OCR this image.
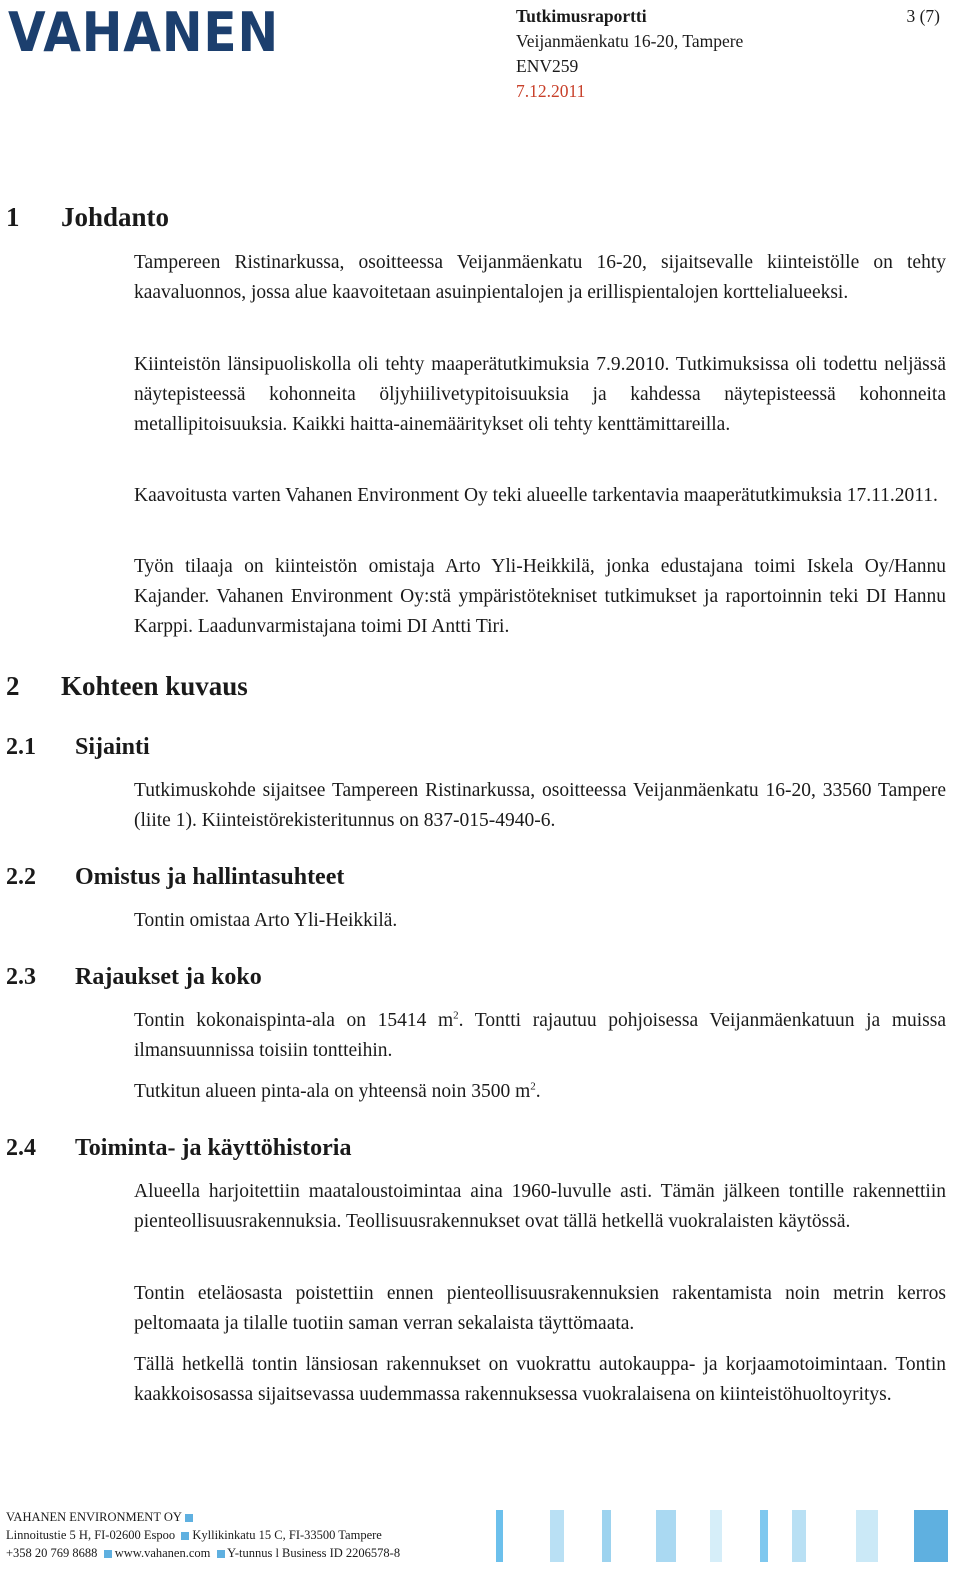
VAHANEN	Tutkimusraportti
Veijanmäenkatu 16-20, Tampere
ENV259
7.12.2011
3 (7)
1 Johdanto

Tampereen Ristinarkussa, osoitteessa Veijanmäenkatu 16-20, sijaitsevalle kiinteistölle on tehty kaavaluonnos, jossa alue kaavoitetaan asuinpientalojen ja erillispientalojen korttelialueeksi.

Kiinteistön länsipuoliskolla oli tehty maaperätutkimuksia 7.9.2010. Tutkimuksissa oli todettu neljässä näytepisteessä kohonneita öljyhiilivetypitoisuuksia ja kahdessa näytepisteessä kohonneita metallipitoisuuksia. Kaikki haitta-ainemääritykset oli tehty kenttämittareilla.

Kaavoitusta varten Vahanen Environment Oy teki alueelle tarkentavia maaperätutkimuksia 17.11.2011.

Työn tilaaja on kiinteistön omistaja Arto Yli-Heikkilä, jonka edustajana toimi Iskela Oy/Hannu Kajander. Vahanen Environment Oy:stä ympäristötekniset tutkimukset ja raportoinnin teki DI Hannu Karppi. Laadunvarmistajana toimi DI Antti Tiri.

2 Kohteen kuvaus
2.1 Sijainti

Tutkimuskohde sijaitsee Tampereen Ristinarkussa, osoitteessa Veijanmäenkatu 16-20, 33560 Tampere (liite 1). Kiinteistörekisteritunnus on 837-015-4940-6.

2.2 Omistus ja hallintasuhteet

Tontin omistaa Arto Yli-Heikkilä.

2.3 Rajaukset ja koko

Tontin kokonaispinta-ala on 15414 $m^2$. Tontti rajautuu pohjoisessa Veijanmäenkatuun ja muissa ilmansuunnissa toisiin tontteihin.

Tutkitun alueen pinta-ala on yhteensä noin 3500 $m^2$.

2.4 Toiminta- ja käyttöhistoria

Alueella harjoitettiin maataloustoimintaa aina 1960-luvulle asti. Tämän jälkeen tontille rakennettiin pienteollisuusrakennuksia. Teollisuusrakennukset ovat tällä hetkellä vuokralaisten käytössä.

Tontin eteläosasta poistettiin ennen pienteollisuusrakennuksien rakentamista noin metrin kerros peltomaata ja tilalle tuotiin saman verran sekalaista täyttömaata.

Tällä hetkellä tontin länsiosan rakennukset on vuokrattu autokauppa- ja korjaamotoimintaan. Tontin kaakkoisosassa sijaitsevassa uudemmassa rakennuksessa vuokralaisena on kiinteistöhuoltoyritys.

VAHANEN ENVIRONMENT OY
Linnoitustie 5 H, FI-02600 Espoo Kyllikinkatu 15 C, FI-33500 Tampere
+358 20 769 8688 www.vahanen.com Y-tunnus l Business ID 2206578-8
